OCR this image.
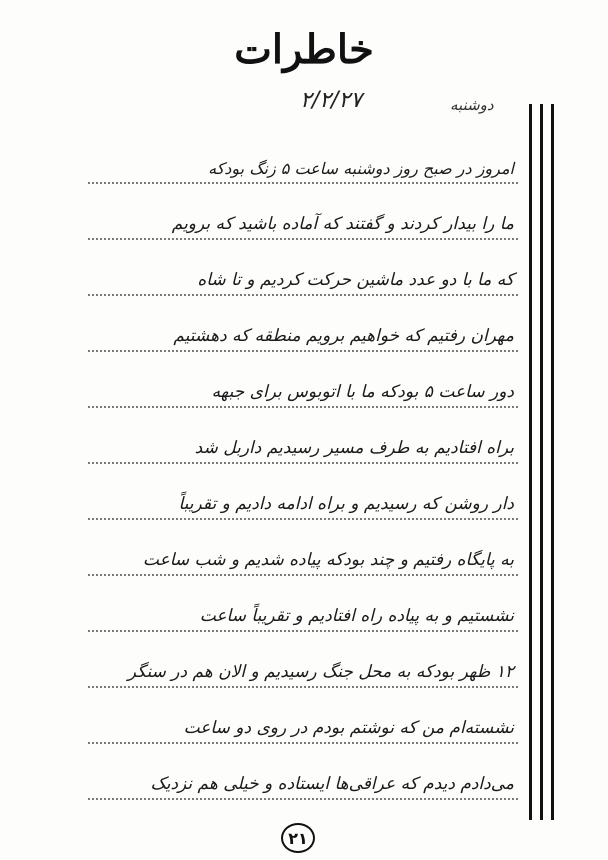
خاطرات
۲/۲/۲۷	دوشنبه
امروز در صبح روز دوشنبه ساعت ۵ زنگ بودکه
ما را بیدار کردند و گفتند که آماده باشید که برویم
که ما با دو عدد ماشین حرکت کردیم و تا شاه
مهران رفتیم که خواهیم برویم منطقه که دهشتیم
دور ساعت ۵ بودکه ما با اتوبوس برای جبهه
براه افتادیم به طرف مسیر رسیدیم داربل شد
دار روشن که رسیدیم و براه ادامه دادیم و تقریباً
به پایگاه رفتیم و چند بودکه پیاده شدیم و شب ساعت
نشستیم و به پیاده راه افتادیم و تقریباً ساعت
۱۲ ظهر بودکه به محل جنگ رسیدیم و الان هم در سنگر
نشسته‌ام من که نوشتم بودم در روی دو ساعت
می‌دادم دیدم که عراقی‌ها ایستاده و خیلی هم نزدیک
۲۱
